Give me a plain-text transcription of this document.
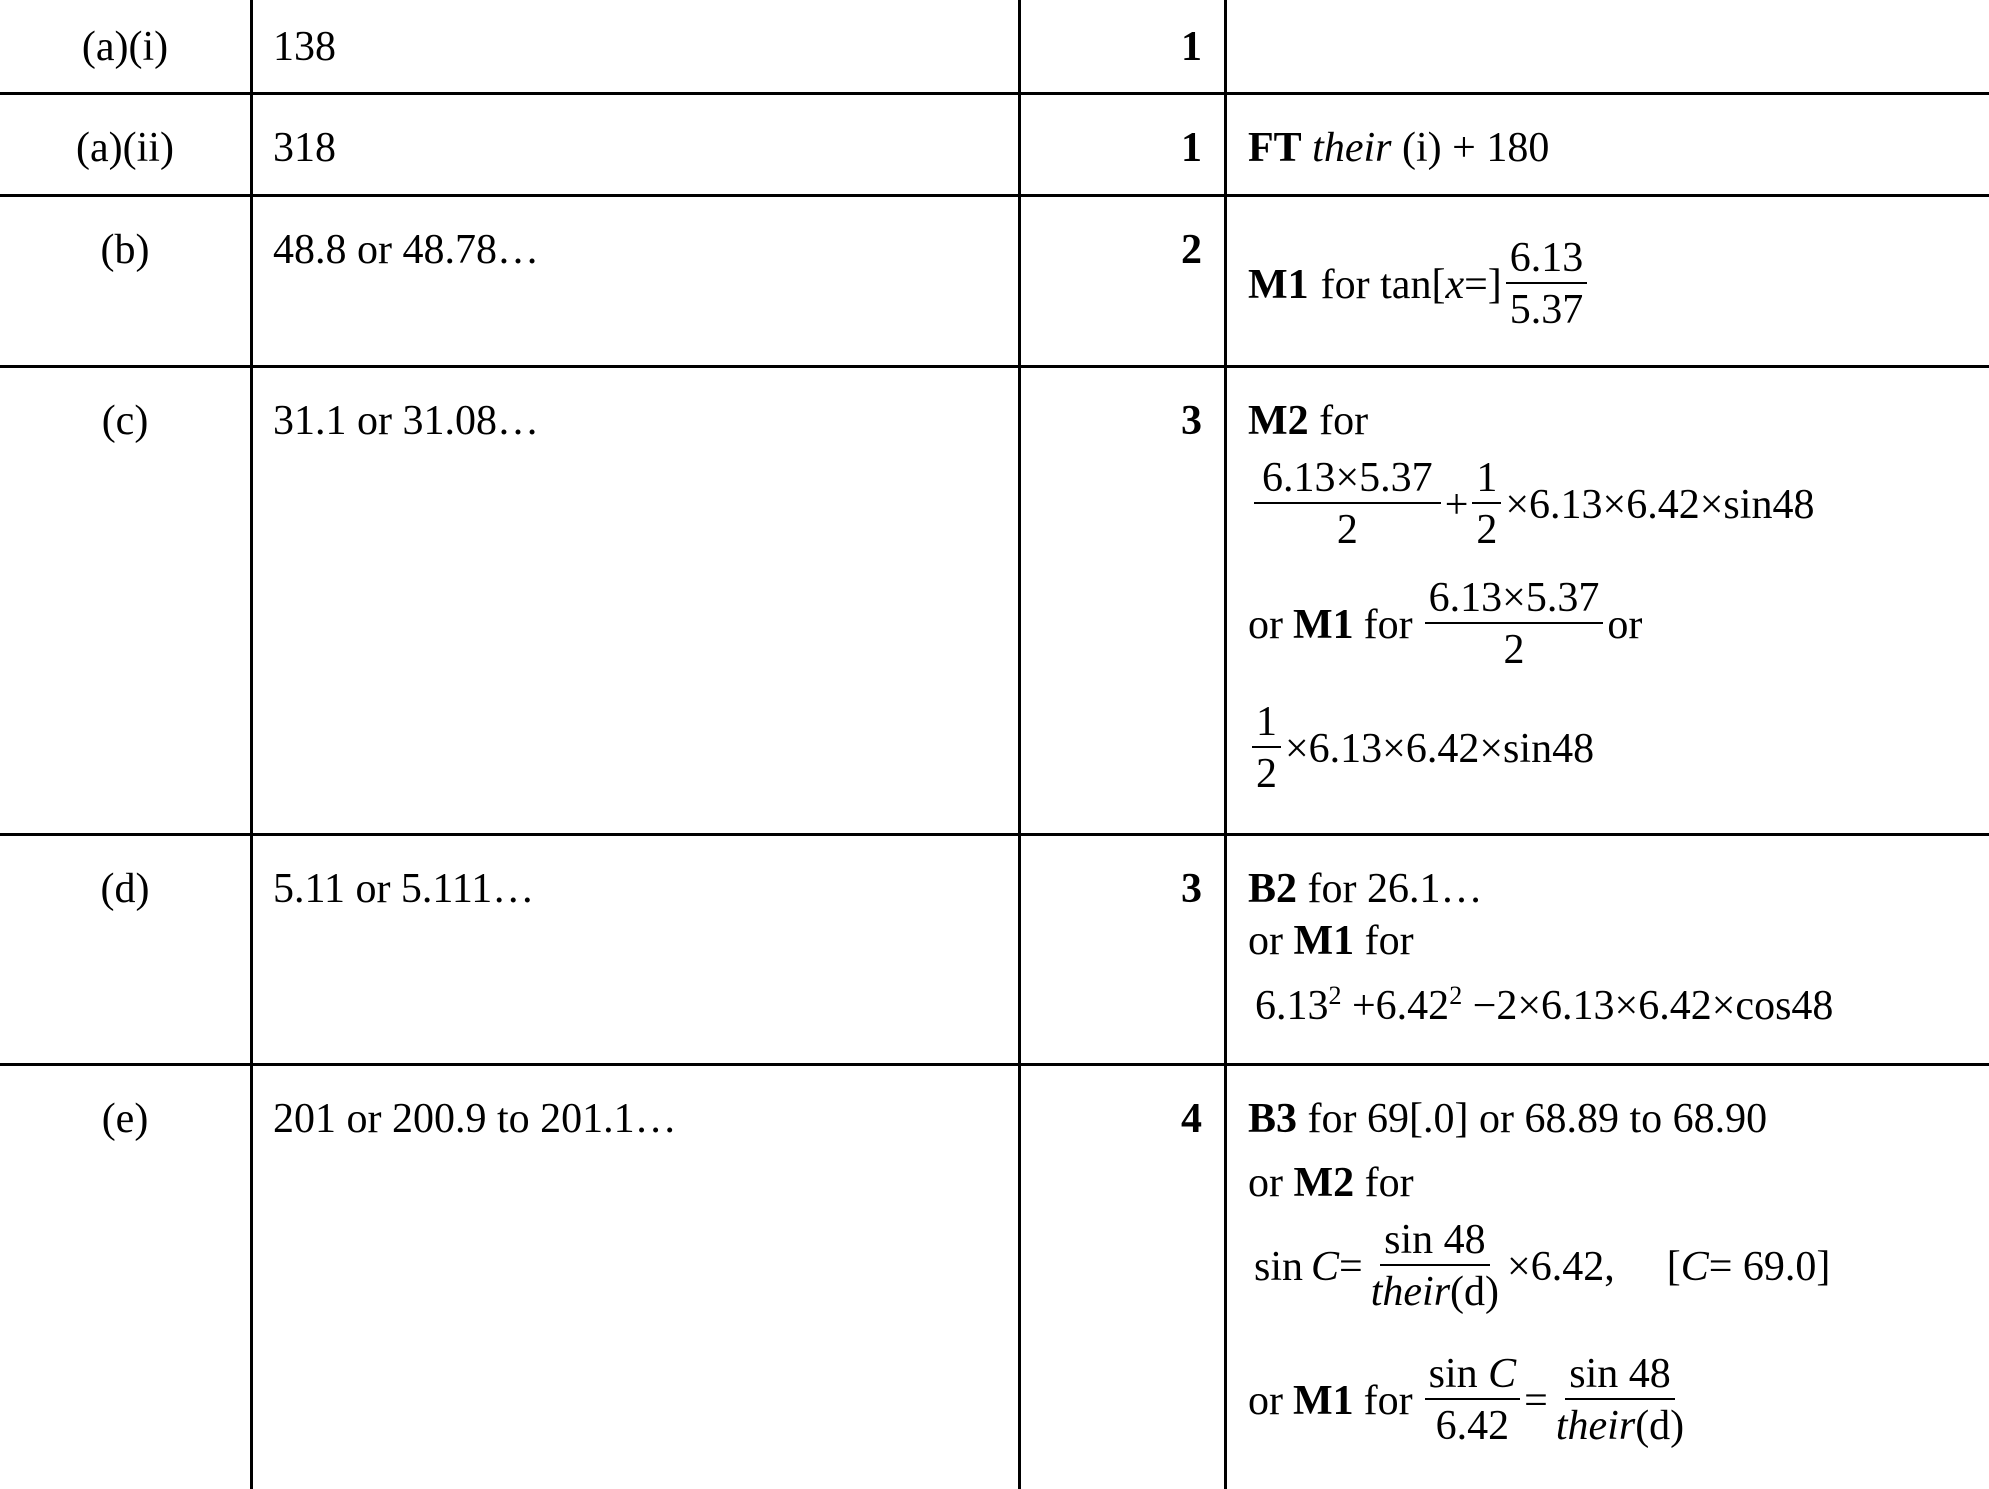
(a)(i)	138	1
(a)(ii)	318	1 FT their (i) + 180
(b)	48.8 or 48.78…	2
M1 for tan[ x =] $\frac{6.13}{5.37}$
(c)	31.1 or 31.08…	3 M2 for
$\frac{6.13\times 5.37}{2} + \frac{1}{2} \times 6.13\times 6.42\times\sin 48$
or M1 for $\frac{6.13\times 5.37}{2}$ or
$\frac{1}{2} \times 6.13\times 6.42\times\sin 48$
(d)	5.11 or 5.111…	3 B2 for 26.1…
or M1 for
$6.13^2 +6.42^2 -2\times 6.13\times 6.42\times\cos 48$
(e)	201 or 200.9 to 201.1…	4 B3 for 69[.0] or 68.89 to 68.90
or M2 for
$\sin C = \frac{\sin 48}{\text{their(d)}} \times 6.42$, [ C = 69.0]
or M1 for $\frac{\text{sin C}}{6.42} = \frac{\sin 48}{\text{their(d)}}$
